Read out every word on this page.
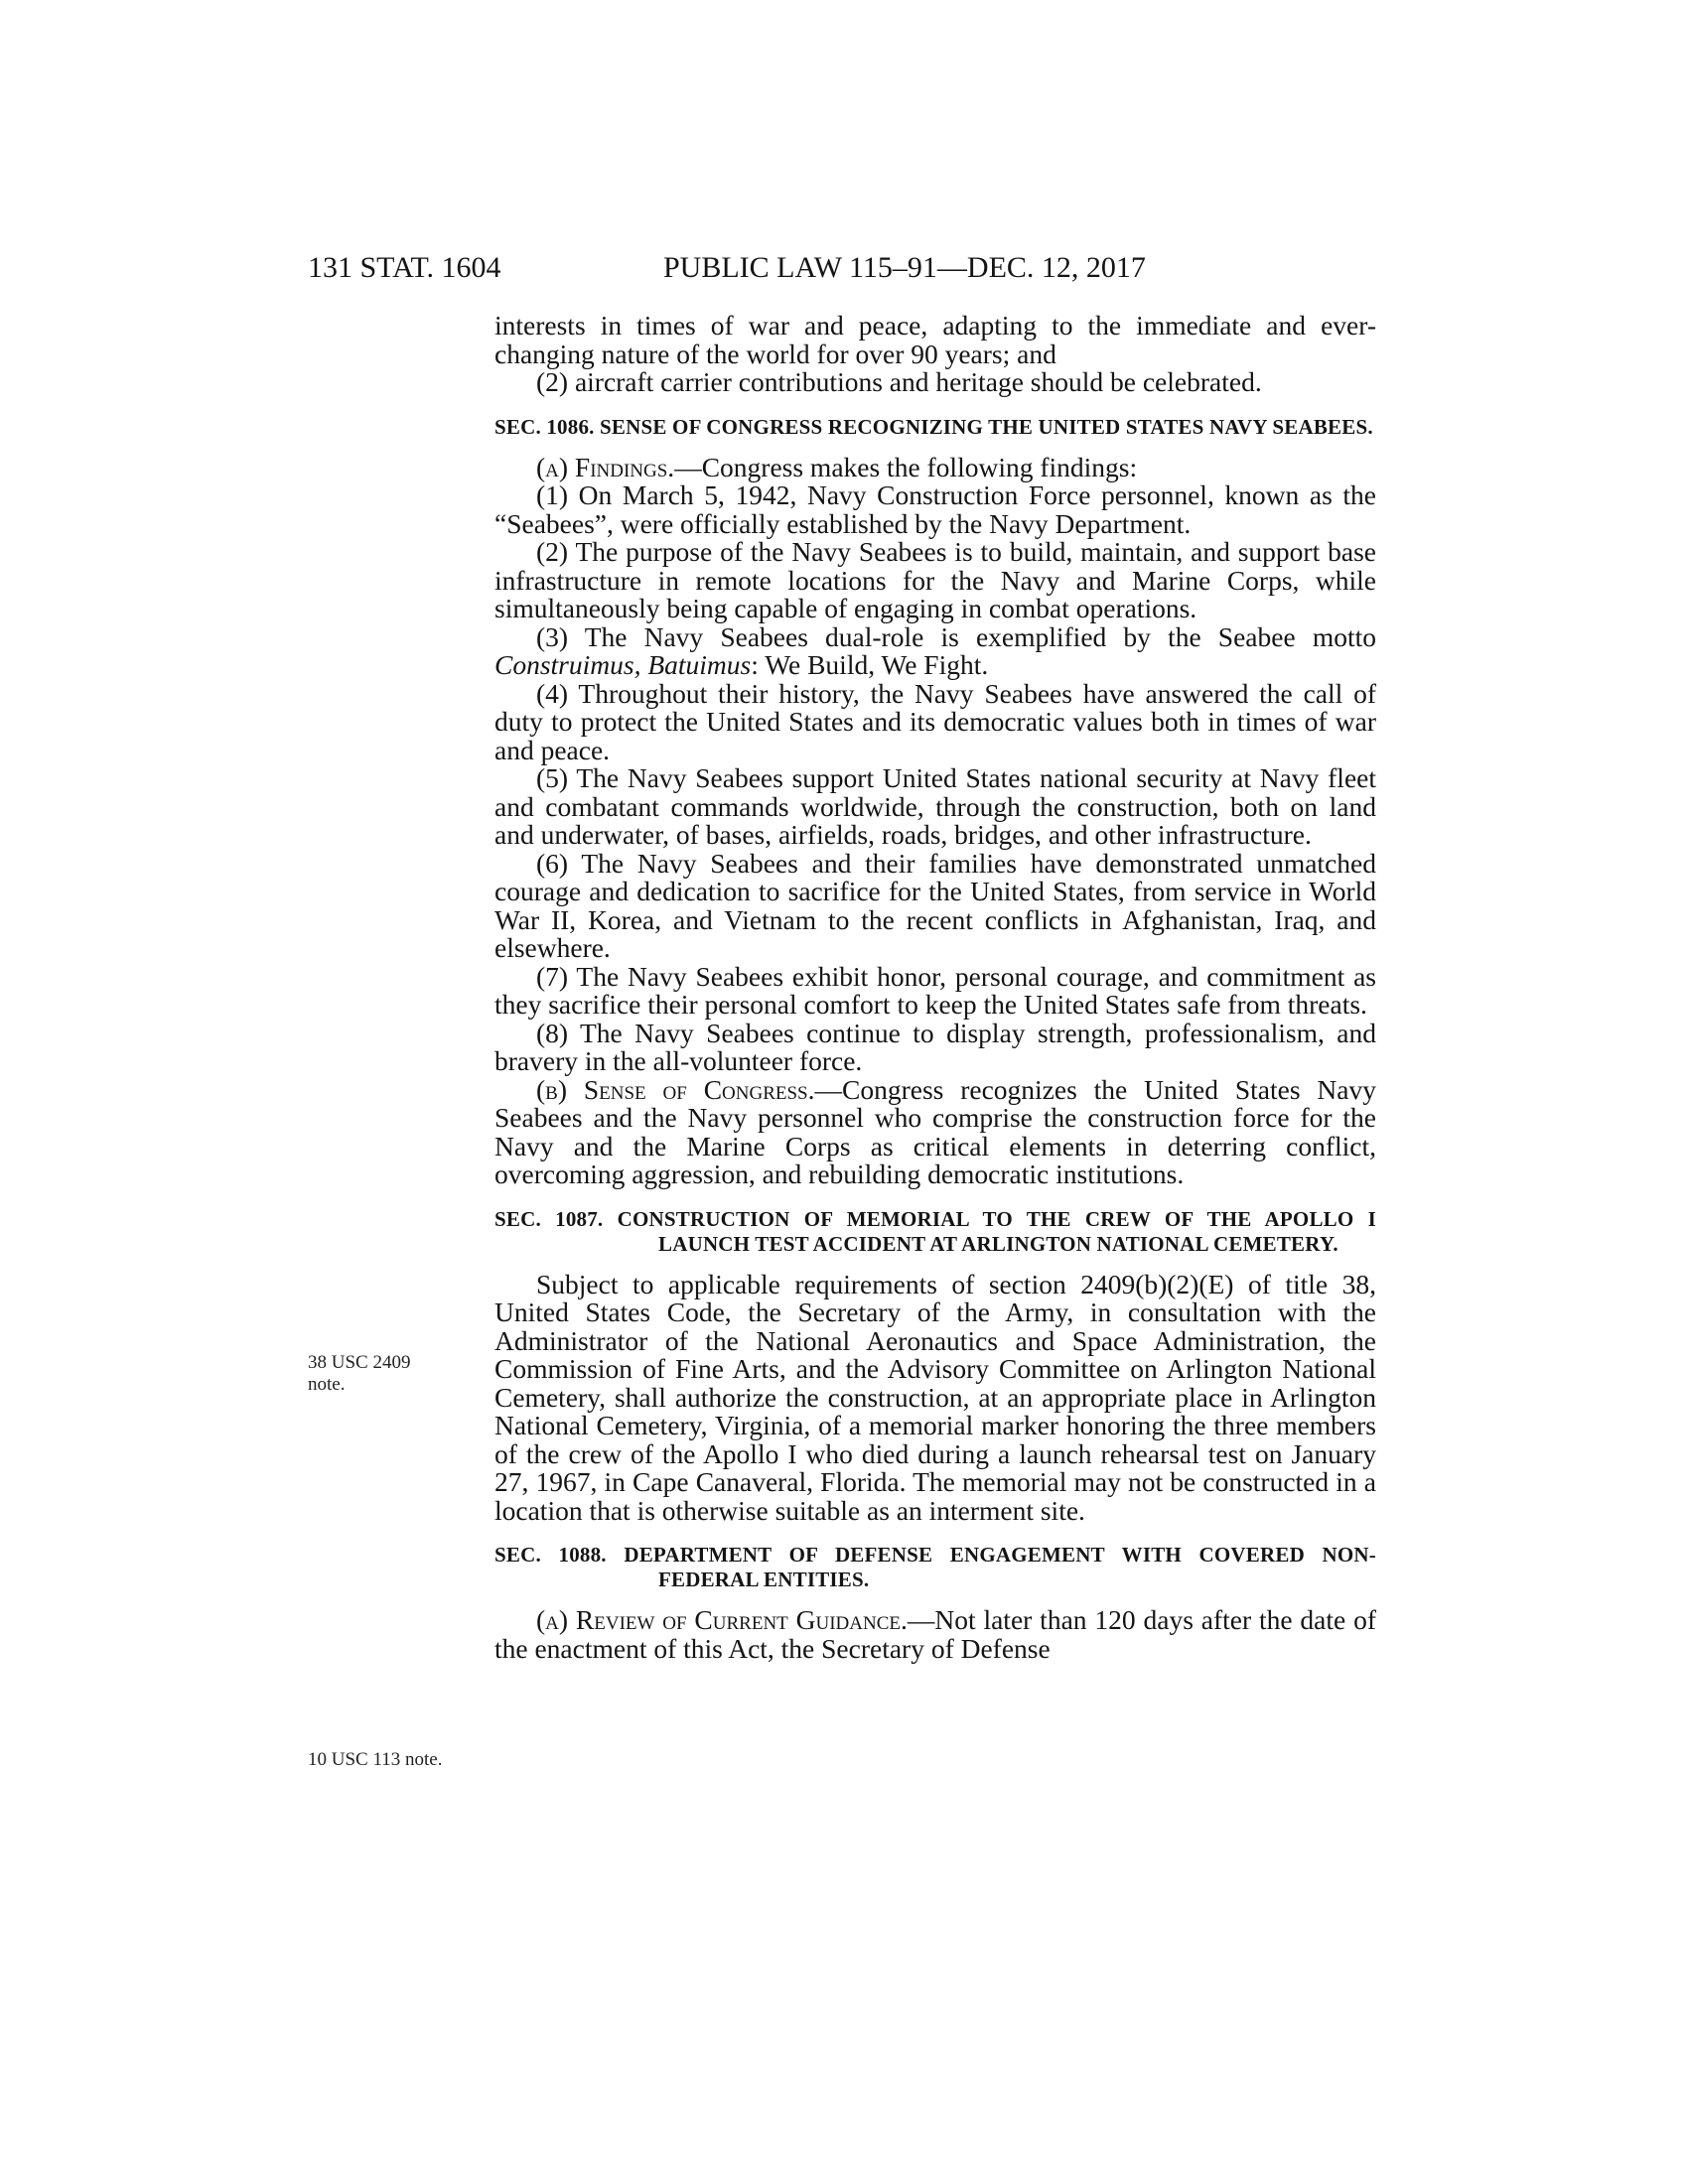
131 STAT. 1604	PUBLIC LAW 115–91—DEC. 12, 2017
38 USC 2409
note.
10 USC 113 note.

interests in times of war and peace, adapting to the immediate and ever-changing nature of the world for over 90 years; and

(2) aircraft carrier contributions and heritage should be celebrated.

SEC. 1086. SENSE OF CONGRESS RECOGNIZING THE UNITED STATES NAVY SEABEES.

(a) Findings.—Congress makes the following findings:

(1) On March 5, 1942, Navy Construction Force personnel, known as the “Seabees”, were officially established by the Navy Department.

(2) The purpose of the Navy Seabees is to build, maintain, and support base infrastructure in remote locations for the Navy and Marine Corps, while simultaneously being capable of engaging in combat operations.

(3) The Navy Seabees dual-role is exemplified by the Seabee motto Construimus, Batuimus: We Build, We Fight.

(4) Throughout their history, the Navy Seabees have answered the call of duty to protect the United States and its democratic values both in times of war and peace.

(5) The Navy Seabees support United States national security at Navy fleet and combatant commands worldwide, through the construction, both on land and underwater, of bases, airfields, roads, bridges, and other infrastructure.

(6) The Navy Seabees and their families have demonstrated unmatched courage and dedication to sacrifice for the United States, from service in World War II, Korea, and Vietnam to the recent conflicts in Afghanistan, Iraq, and elsewhere.

(7) The Navy Seabees exhibit honor, personal courage, and commitment as they sacrifice their personal comfort to keep the United States safe from threats.

(8) The Navy Seabees continue to display strength, professionalism, and bravery in the all-volunteer force.

(b) Sense of Congress.—Congress recognizes the United States Navy Seabees and the Navy personnel who comprise the construction force for the Navy and the Marine Corps as critical elements in deterring conflict, overcoming aggression, and rebuilding democratic institutions.

SEC. 1087. CONSTRUCTION OF MEMORIAL TO THE CREW OF THE APOLLO I LAUNCH TEST ACCIDENT AT ARLINGTON NATIONAL CEMETERY.

Subject to applicable requirements of section 2409(b)(2)(E) of title 38, United States Code, the Secretary of the Army, in consultation with the Administrator of the National Aeronautics and Space Administration, the Commission of Fine Arts, and the Advisory Committee on Arlington National Cemetery, shall authorize the construction, at an appropriate place in Arlington National Cemetery, Virginia, of a memorial marker honoring the three members of the crew of the Apollo I who died during a launch rehearsal test on January 27, 1967, in Cape Canaveral, Florida. The memorial may not be constructed in a location that is otherwise suitable as an interment site.

SEC. 1088. DEPARTMENT OF DEFENSE ENGAGEMENT WITH COVERED NON-FEDERAL ENTITIES.

(a) Review of Current Guidance.—Not later than 120 days after the date of the enactment of this Act, the Secretary of Defense
